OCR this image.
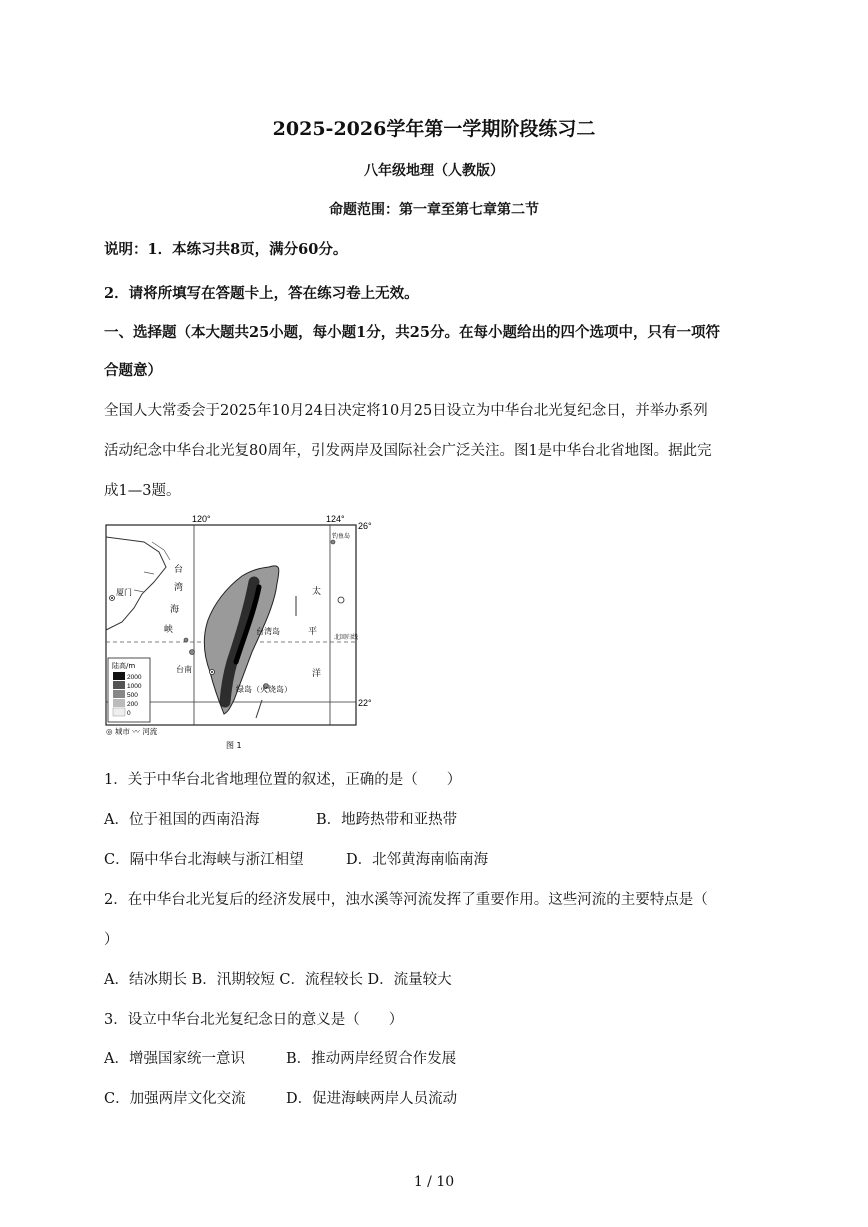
2025-2026学年第一学期阶段练习二
八年级地理（人教版）
命题范围：第一章至第七章第二节
说明：1．本练习共8页，满分60分。
2．请将所填写在答题卡上，答在练习卷上无效。
一、选择题（本大题共25小题，每小题1分，共25分。在每小题给出的四个选项中，只有一项符
合题意）
全国人大常委会于2025年10月24日决定将10月25日设立为中华台北光复纪念日，并举办系列
活动纪念中华台北光复80周年，引发两岸及国际社会广泛关注。图1是中华台北省地图。据此完
成1—3题。
120°	124°
26°
22°
厦门
台
湾
海
峡
台南
台湾岛
绿岛（火烧岛）
钓鱼岛
北回归线
太
平
洋
陆高/m
2000
1000
500
200
0
◎ 城市 〰 河流
图 1
1．关于中华台北省地理位置的叙述，正确的是（　　）
A．位于祖国的西南沿海	B．地跨热带和亚热带
C．隔中华台北海峡与浙江相望	D．北邻黄海南临南海
2．在中华台北光复后的经济发展中，浊水溪等河流发挥了重要作用。这些河流的主要特点是（
）
A．结冰期长 B．汛期较短 C．流程较长 D．流量较大
3．设立中华台北光复纪念日的意义是（　　）
A．增强国家统一意识	B．推动两岸经贸合作发展
C．加强两岸文化交流	D．促进海峡两岸人员流动
1 / 10
